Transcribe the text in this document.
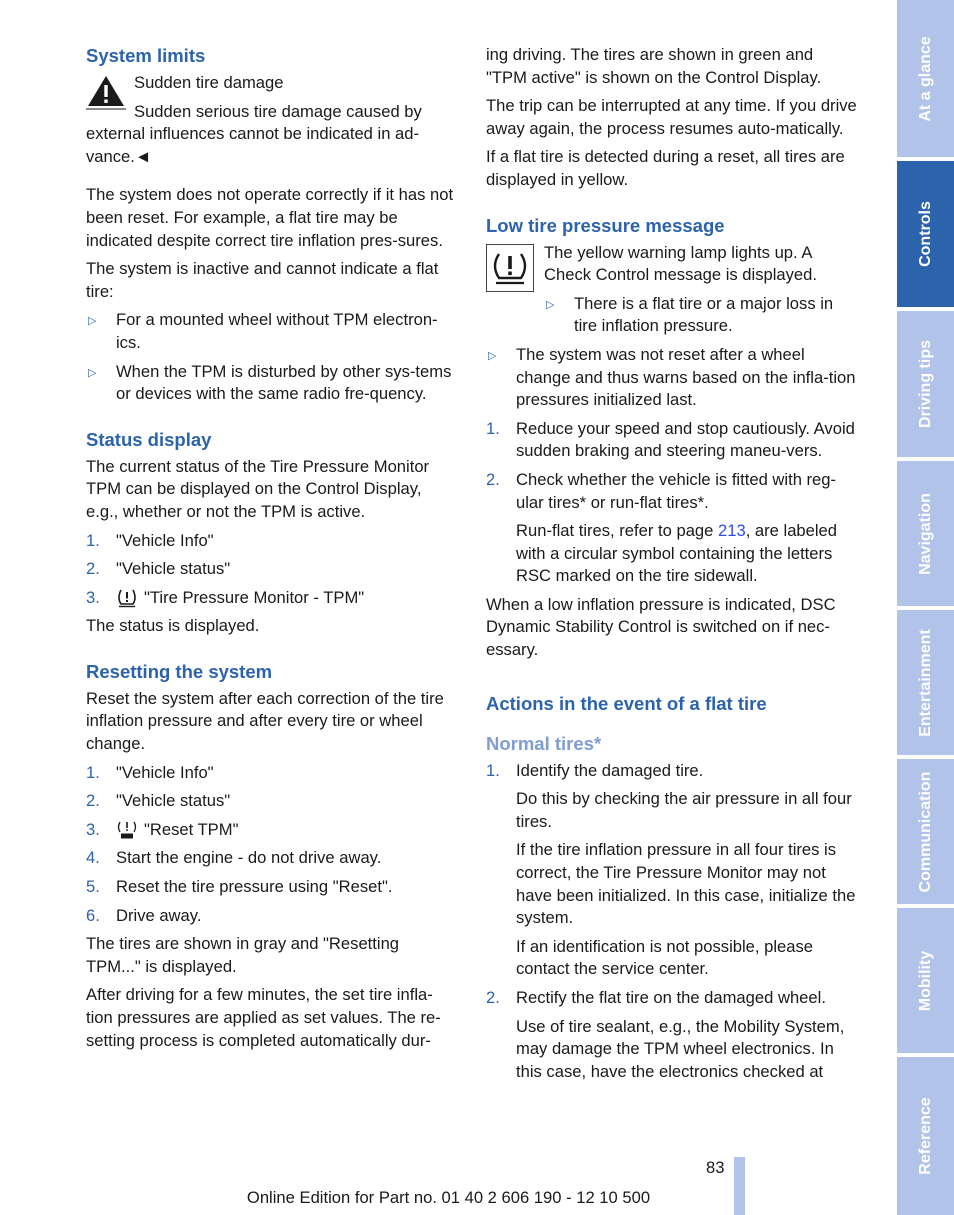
System limits

Sudden tire damage

Sudden serious tire damage caused by external influences cannot be indicated in ad-vance.◄

The system does not operate correctly if it has not been reset. For example, a flat tire may be indicated despite correct tire inflation pres-sures.

The system is inactive and cannot indicate a flat tire:

▷ For a mounted wheel without TPM electron-ics.
▷ When the TPM is disturbed by other sys-tems or devices with the same radio fre-quency.
Status display

The current status of the Tire Pressure Monitor TPM can be displayed on the Control Display, e.g., whether or not the TPM is active.

1. "Vehicle Info"
2. "Vehicle status"
3.	"Tire Pressure Monitor - TPM"

The status is displayed.

Resetting the system

Reset the system after each correction of the tire inflation pressure and after every tire or wheel change.

1. "Vehicle Info"
2. "Vehicle status"
3.	"Reset TPM"
4. Start the engine - do not drive away.
5. Reset the tire pressure using "Reset".
6. Drive away.

The tires are shown in gray and "Resetting TPM..." is displayed.

After driving for a few minutes, the set tire infla-tion pressures are applied as set values. The re-setting process is completed automatically dur-

ing driving. The tires are shown in green and "TPM active" is shown on the Control Display.

The trip can be interrupted at any time. If you drive away again, the process resumes auto-matically.

If a flat tire is detected during a reset, all tires are displayed in yellow.

Low tire pressure message

The yellow warning lamp lights up. A Check Control message is displayed.

▷ There is a flat tire or a major loss in tire inflation pressure.
▷ The system was not reset after a wheel change and thus warns based on the infla-tion pressures initialized last.
1. Reduce your speed and stop cautiously. Avoid sudden braking and steering maneu-vers.
2. Check whether the vehicle is fitted with reg-ular tires* or run-flat tires*.

Run-flat tires, refer to page 213, are labeled with a circular symbol containing the letters RSC marked on the tire sidewall.

When a low inflation pressure is indicated, DSC Dynamic Stability Control is switched on if nec-essary.

Actions in the event of a flat tire
Normal tires*
1. Identify the damaged tire.

Do this by checking the air pressure in all four tires.

If the tire inflation pressure in all four tires is correct, the Tire Pressure Monitor may not have been initialized. In this case, initialize the system.

If an identification is not possible, please contact the service center.

2. Rectify the flat tire on the damaged wheel.

Use of tire sealant, e.g., the Mobility System, may damage the TPM wheel electronics. In this case, have the electronics checked at

At a glance
Controls
Driving tips
Navigation
Entertainment
Communication
Mobility
Reference
83
Online Edition for Part no. 01 40 2 606 190 - 12 10 500
